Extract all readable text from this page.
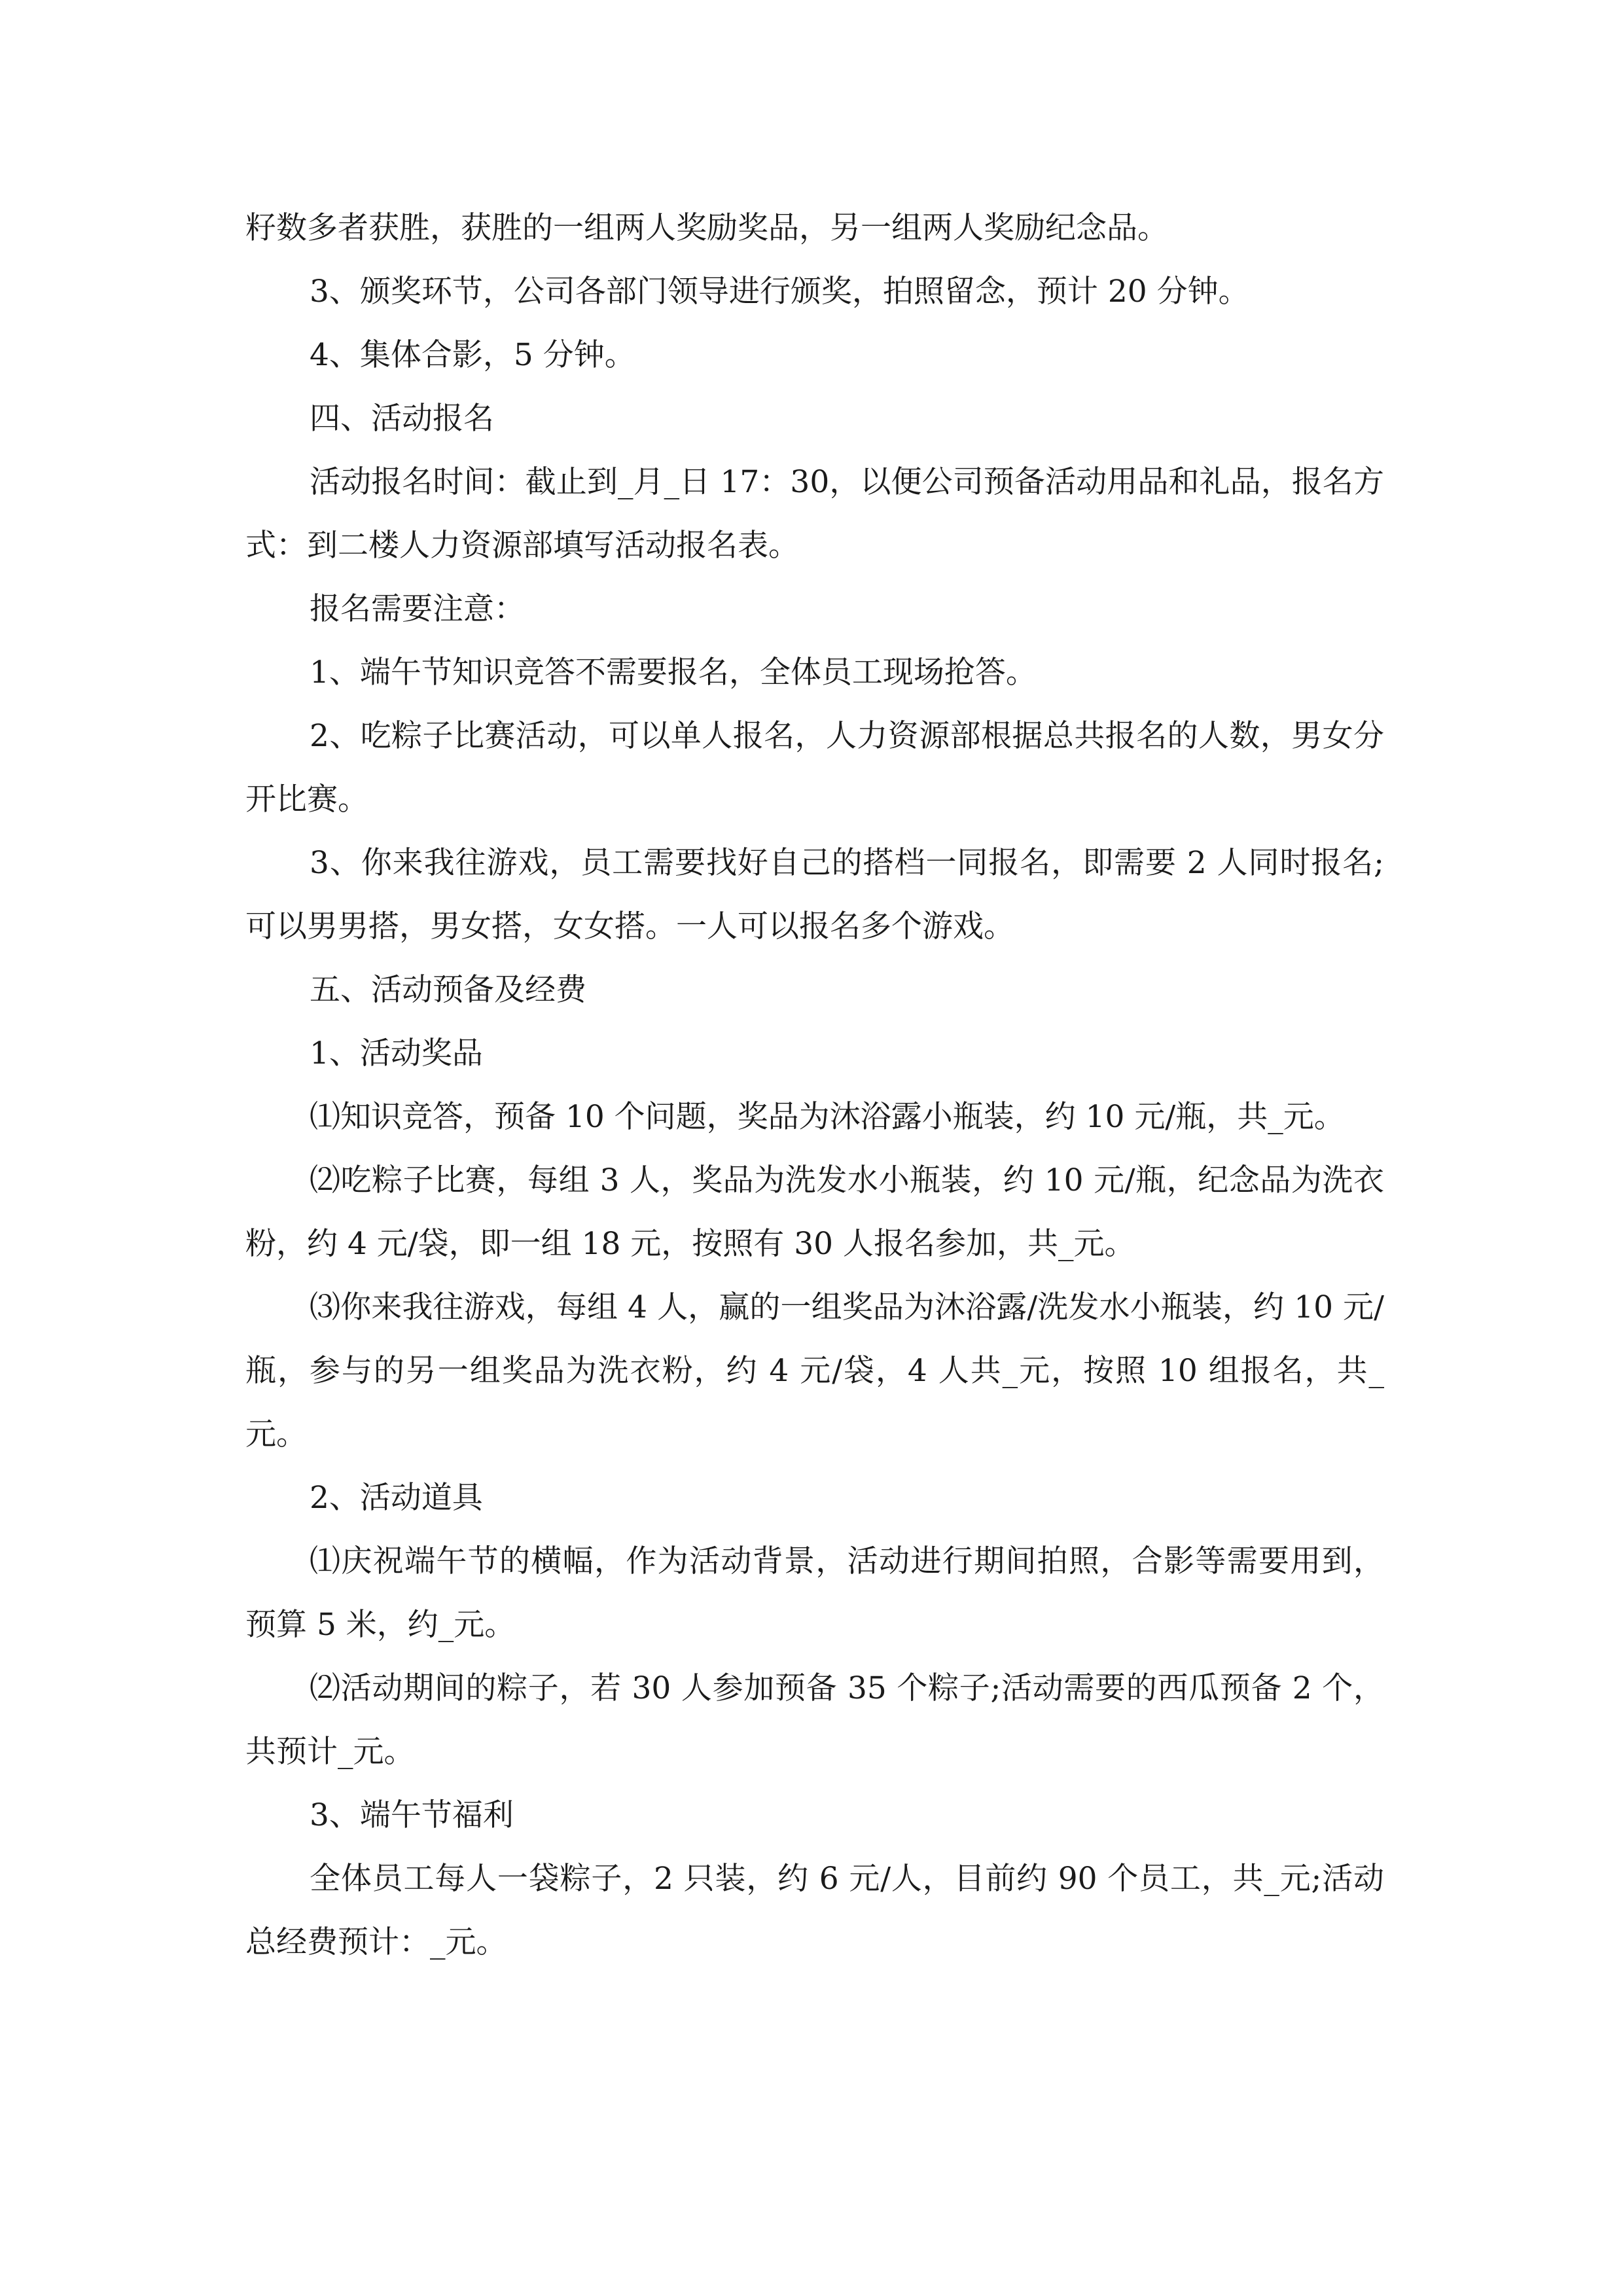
籽数多者获胜，获胜的一组两人奖励奖品，另一组两人奖励纪念品。

3、颁奖环节，公司各部门领导进行颁奖，拍照留念，预计 20 分钟。

4、集体合影，5 分钟。

四、活动报名

活动报名时间：截止到_月_日 17：30，以便公司预备活动用品和礼品，报名方式：到二楼人力资源部填写活动报名表。

报名需要注意：

1、端午节知识竞答不需要报名，全体员工现场抢答。

2、吃粽子比赛活动，可以单人报名，人力资源部根据总共报名的人数，男女分开比赛。

3、你来我往游戏，员工需要找好自己的搭档一同报名，即需要 2 人同时报名;可以男男搭，男女搭，女女搭。一人可以报名多个游戏。

五、活动预备及经费

1、活动奖品

⑴知识竞答，预备 10 个问题，奖品为沐浴露小瓶装，约 10 元/瓶，共_元。

⑵吃粽子比赛，每组 3 人，奖品为洗发水小瓶装，约 10 元/瓶，纪念品为洗衣粉，约 4 元/袋，即一组 18 元，按照有 30 人报名参加，共_元。

⑶你来我往游戏，每组 4 人，赢的一组奖品为沐浴露/洗发水小瓶装，约 10 元/瓶，参与的另一组奖品为洗衣粉，约 4 元/袋，4 人共_元，按照 10 组报名，共_元。

2、活动道具

⑴庆祝端午节的横幅，作为活动背景，活动进行期间拍照，合影等需要用到，预算 5 米，约_元。

⑵活动期间的粽子，若 30 人参加预备 35 个粽子;活动需要的西瓜预备 2 个，共预计_元。

3、端午节福利

全体员工每人一袋粽子，2 只装，约 6 元/人，目前约 90 个员工，共_元;活动总经费预计：_元。
